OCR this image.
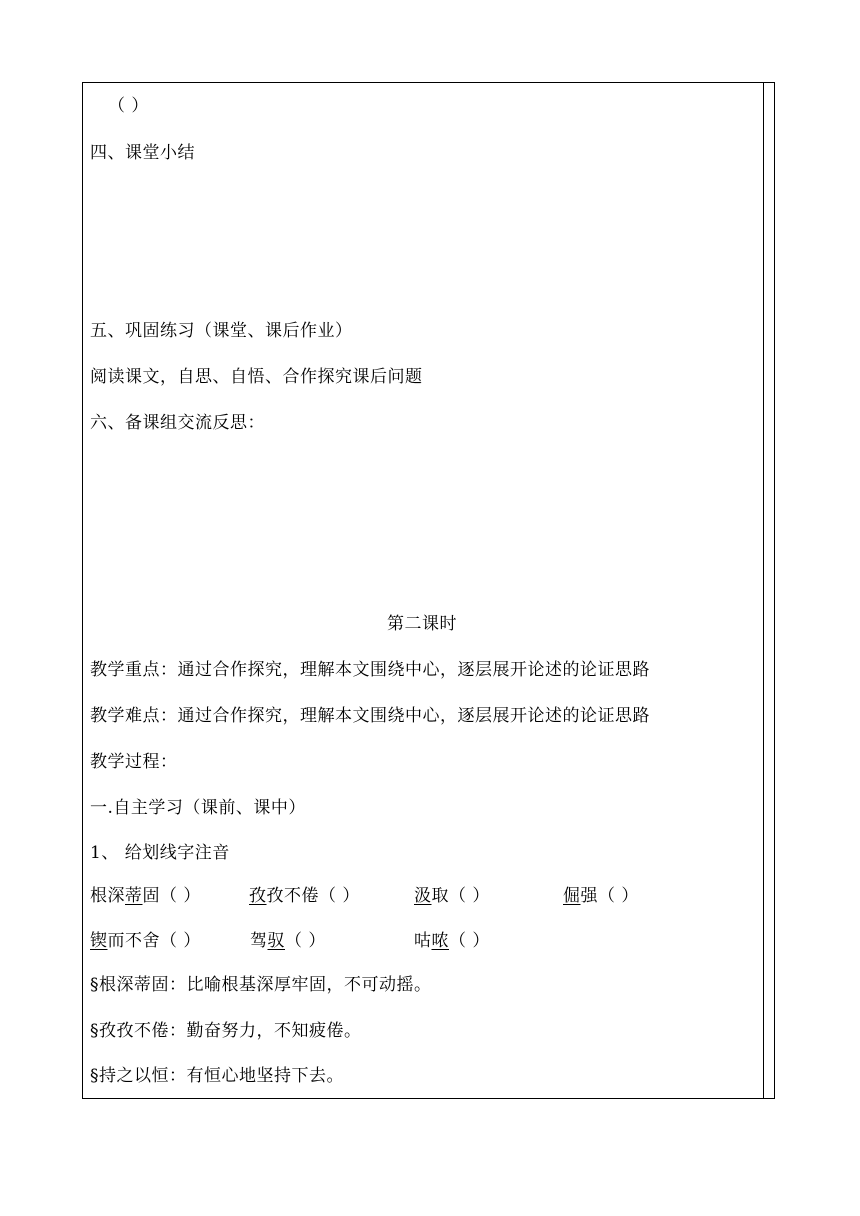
（ ）
四、课堂小结
五、巩固练习（课堂、课后作业）
阅读课文，自思、自悟、合作探究课后问题
六、备课组交流反思：
第二课时
教学重点：通过合作探究，理解本文围绕中心，逐层展开论述的论证思路
教学难点：通过合作探究，理解本文围绕中心，逐层展开论述的论证思路
教学过程：
一.自主学习（课前、课中）
1、 给划线字注音
根深蒂固（ ）	孜孜不倦（ ）	汲取（ ）	倔强（ ）
锲而不舍（ ）	驾驭（ ）	咕哝（ ）
§根深蒂固：比喻根基深厚牢固，不可动摇。
§孜孜不倦：勤奋努力，不知疲倦。
§持之以恒：有恒心地坚持下去。
